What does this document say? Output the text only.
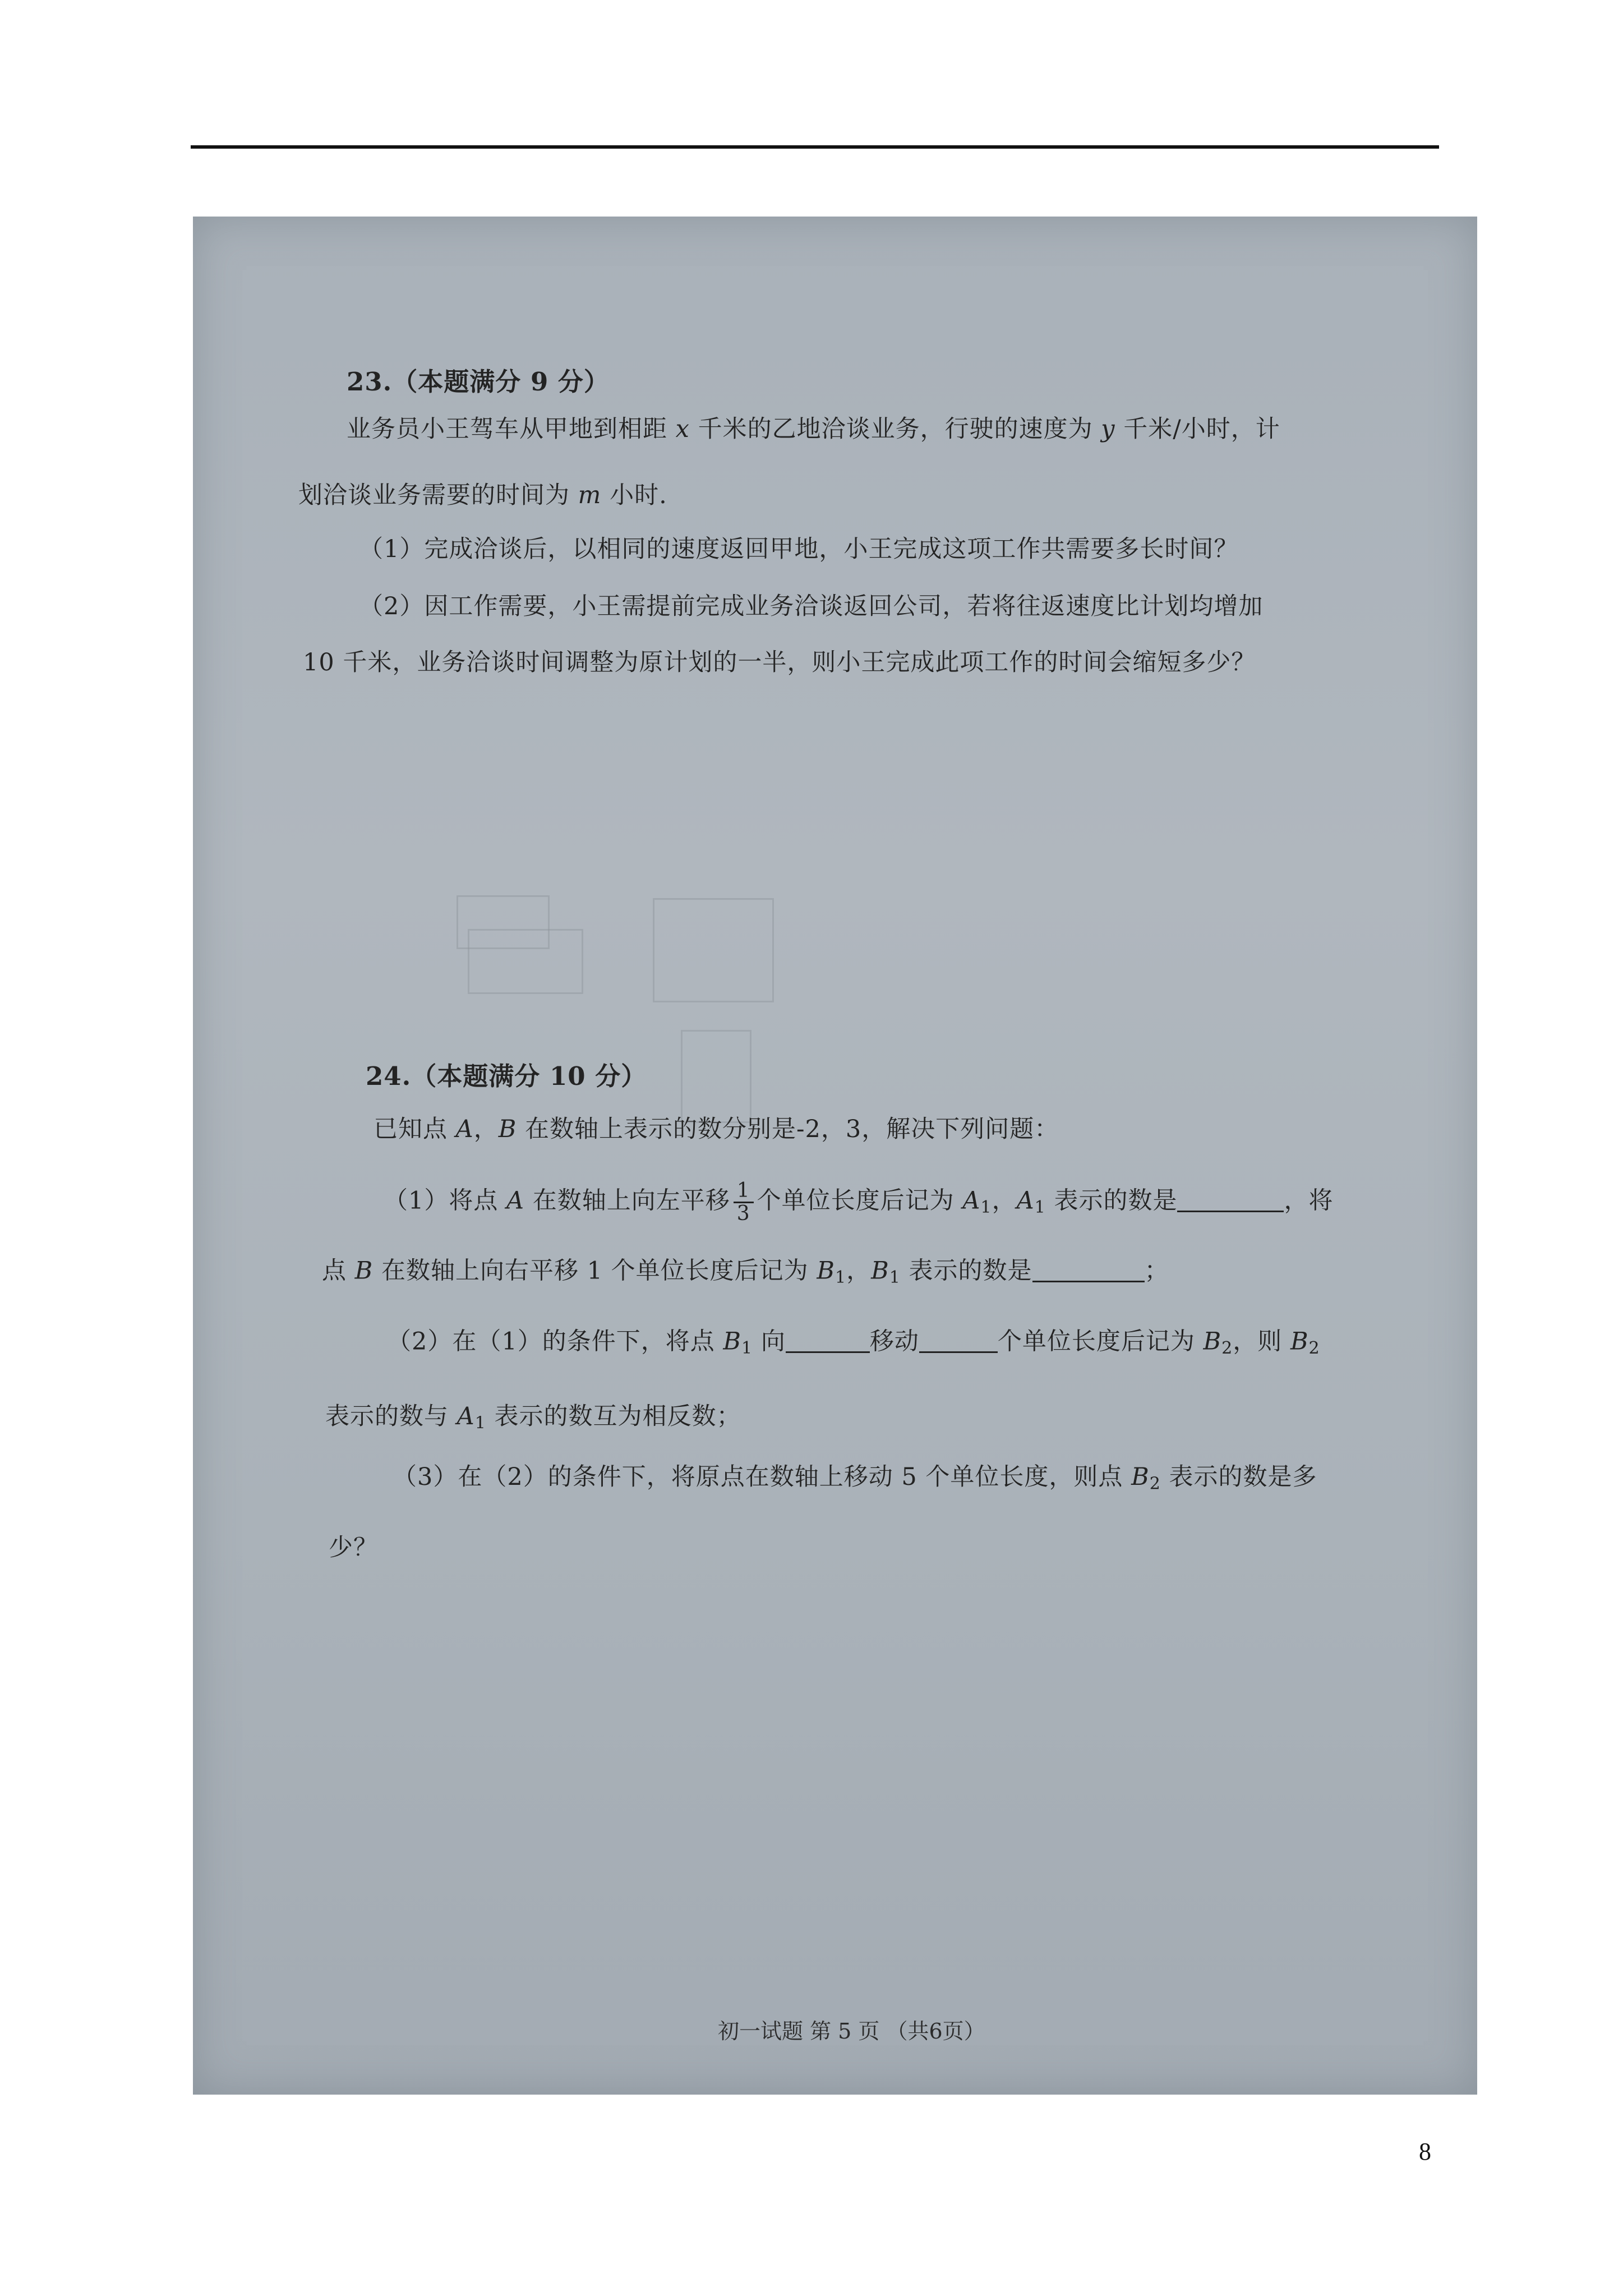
23.（本题满分 9 分）
业务员小王驾车从甲地到相距 x 千米的乙地洽谈业务，行驶的速度为 y 千米/小时，计
划洽谈业务需要的时间为 m 小时.
（1）完成洽谈后，以相同的速度返回甲地，小王完成这项工作共需要多长时间？
（2）因工作需要，小王需提前完成业务洽谈返回公司，若将往返速度比计划均增加
10 千米，业务洽谈时间调整为原计划的一半，则小王完成此项工作的时间会缩短多少？
24.（本题满分 10 分）
已知点 A，B 在数轴上表示的数分别是-2，3，解决下列问题：
（1）将点 A 在数轴上向左平移 $\frac{1}{3}$ 个单位长度后记为 $A_1$，$A_1$ 表示的数是	，将
点 B 在数轴上向右平移 1 个单位长度后记为 $B_1$，$B_1$ 表示的数是	；
（2）在（1）的条件下，将点 $B_1$ 向	移动	个单位长度后记为 $B_2$，则 $B_2$
表示的数与 $A_1$ 表示的数互为相反数；
（3）在（2）的条件下，将原点在数轴上移动 5 个单位长度，则点 $B_2$ 表示的数是多
少？
初一试题 第 5 页 （共6页）
8
